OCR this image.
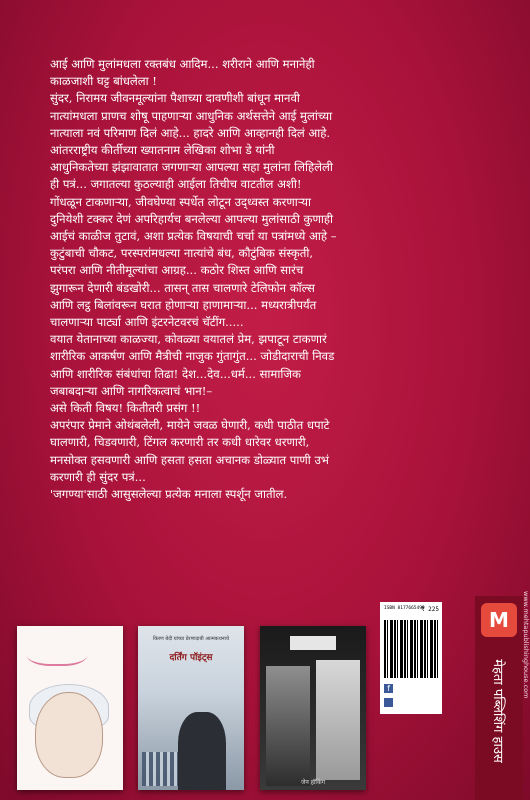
आई आणि मुलांमधला रक्तबंध आदिम... शरीराने आणि मनानेही

काळजाशी घट्ट बांधलेला !

सुंदर, निरामय जीवनमूल्यांना पैशाच्या दावणीशी बांधून मानवी

नात्यांमधला प्राणच शोषू पाहणाऱ्या आधुनिक अर्थसत्तेने आई मुलांच्या

नात्याला नवं परिमाण दिलं आहे... हादरे आणि आव्हानही दिलं आहे.

आंतरराष्ट्रीय कीर्तीच्या ख्यातनाम लेखिका शोभा डे यांनी

आधुनिकतेच्या झंझावातात जगणाऱ्या आपल्या सहा मुलांना लिहिलेली

ही पत्रं... जगातल्या कुठल्याही आईला तिचीच वाटतील अशी!

गोंधळून टाकणाऱ्या, जीवघेण्या स्पर्धेत लोटून उद्ध्वस्त करणाऱ्या

दुनियेशी टक्कर देणं अपरिहार्यच बनलेल्या आपल्या मुलांसाठी कुणाही

आईचं काळीज तुटावं, अशा प्रत्येक विषयाची चर्चा या पत्रांमध्ये आहे –

कुटुंबाची चौकट, परस्परांमधल्या नात्यांचे बंध, कौटुंबिक संस्कृती,

परंपरा आणि नीतीमूल्यांचा आग्रह... कठोर शिस्त आणि सारंच

झुगारून देणारी बंडखोरी... तासन् तास चालणारे टेलिफोन कॉल्स

आणि लट्ठ बिलांवरून घरात होणाऱ्या हाणामाऱ्या... मध्यरात्रीपर्यंत

चालणाऱ्या पार्ट्या आणि इंटरनेटवरचं चॅटींग.....

वयात येतानाच्या काळज्या, कोवळ्या वयातलं प्रेम, झपाटून टाकणारं

शारीरिक आकर्षण आणि मैत्रीची नाजुक गुंतागुंत... जोडीदाराची निवड

आणि शारीरिक संबंधांचा तिढा! देश...देव...धर्म... सामाजिक

जबाबदाऱ्या आणि नागरिकत्वाचं भान!–

असे किती विषय! कितीतरी प्रसंग !!

अपरंपार प्रेमाने ओथंबलेली, मायेने जवळ घेणारी, कधी पाठीत धपाटे

घालणारी, चिडवणारी, टिंगल करणारी तर कधी धारेवर धरणारी,

मनसोक्त हसवणारी आणि हसता हसता अचानक डोळ्यात पाणी उभं

करणारी ही सुंदर पत्रं...

'जगण्या'साठी आसुसलेल्या प्रत्येक मनाला स्पर्शून जातील.

किरण बेदी यांच्या प्रेरणादायी आत्मकथनाचे
दर्तिंग पॉइंट्स
जेन हॉकिंग
ISBN 8177665499
₹ 225
f
M	www.mehtapublishinghouse.com
मेहता पब्लिशिंग हाउस
